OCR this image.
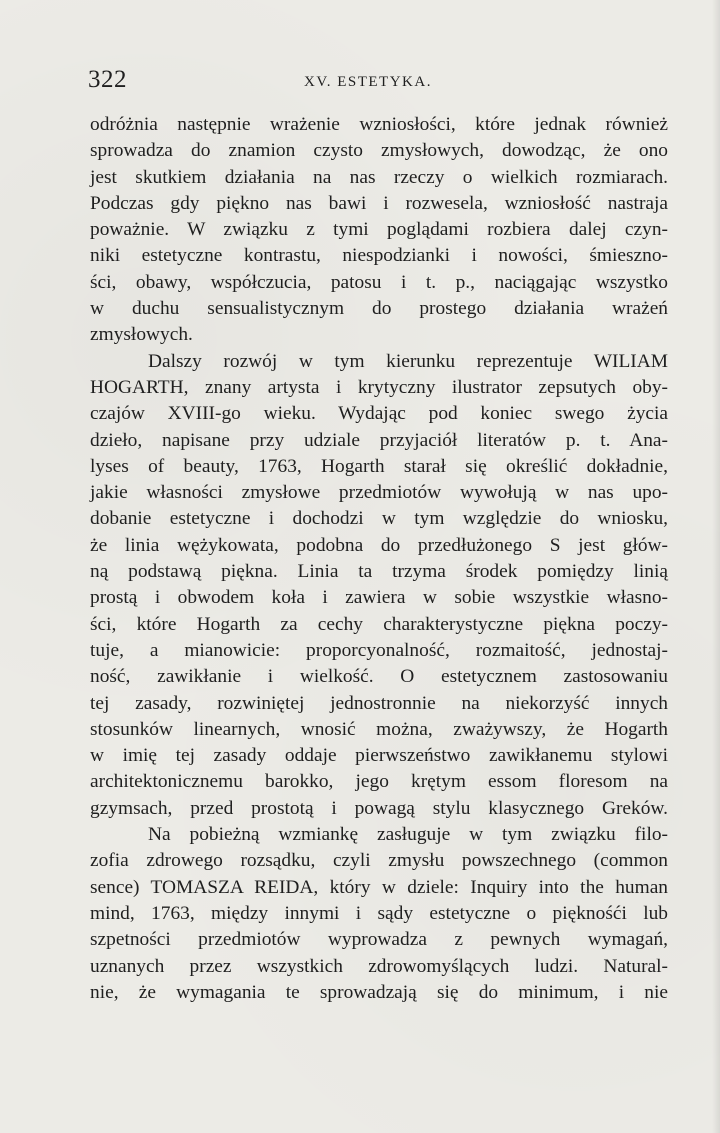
322	XV. ESTETYKA.
odróżnia następnie wrażenie wzniosłości, które jednak również
sprowadza do znamion czysto zmysłowych, dowodząc, że ono
jest skutkiem działania na nas rzeczy o wielkich rozmiarach.
Podczas gdy piękno nas bawi i rozwesela, wzniosłość nastraja
poważnie. W związku z tymi poglądami rozbiera dalej czyn-
niki estetyczne kontrastu, niespodzianki i nowości, śmieszno-
ści, obawy, współczucia, patosu i t. p., naciągając wszystko
w duchu sensualistycznym do prostego działania wrażeń
zmysłowych.
Dalszy rozwój w tym kierunku reprezentuje WILIAM
HOGARTH, znany artysta i krytyczny ilustrator zepsutych oby-
czajów XVIII-go wieku. Wydając pod koniec swego życia
dzieło, napisane przy udziale przyjaciół literatów p. t. Ana-
lyses of beauty, 1763, Hogarth starał się określić dokładnie,
jakie własności zmysłowe przedmiotów wywołują w nas upo-
dobanie estetyczne i dochodzi w tym względzie do wniosku,
że linia wężykowata, podobna do przedłużonego S jest głów-
ną podstawą piękna. Linia ta trzyma środek pomiędzy linią
prostą i obwodem koła i zawiera w sobie wszystkie własno-
ści, które Hogarth za cechy charakterystyczne piękna poczy-
tuje, a mianowicie: proporcyonalność, rozmaitość, jednostaj-
ność, zawikłanie i wielkość. O estetycznem zastosowaniu
tej zasady, rozwiniętej jednostronnie na niekorzyść innych
stosunków linearnych, wnosić można, zważywszy, że Hogarth
w imię tej zasady oddaje pierwszeństwo zawikłanemu stylowi
architektonicznemu barokko, jego krętym essom floresom na
gzymsach, przed prostotą i powagą stylu klasycznego Greków.
Na pobieżną wzmiankę zasługuje w tym związku filo-
zofia zdrowego rozsądku, czyli zmysłu powszechnego (common
sence) TOMASZA REIDA, który w dziele: Inquiry into the human
mind, 1763, między innymi i sądy estetyczne o pięknośći lub
szpetności przedmiotów wyprowadza z pewnych wymagań,
uznanych przez wszystkich zdrowomyślących ludzi. Natural-
nie, że wymagania te sprowadzają się do minimum, i nie
